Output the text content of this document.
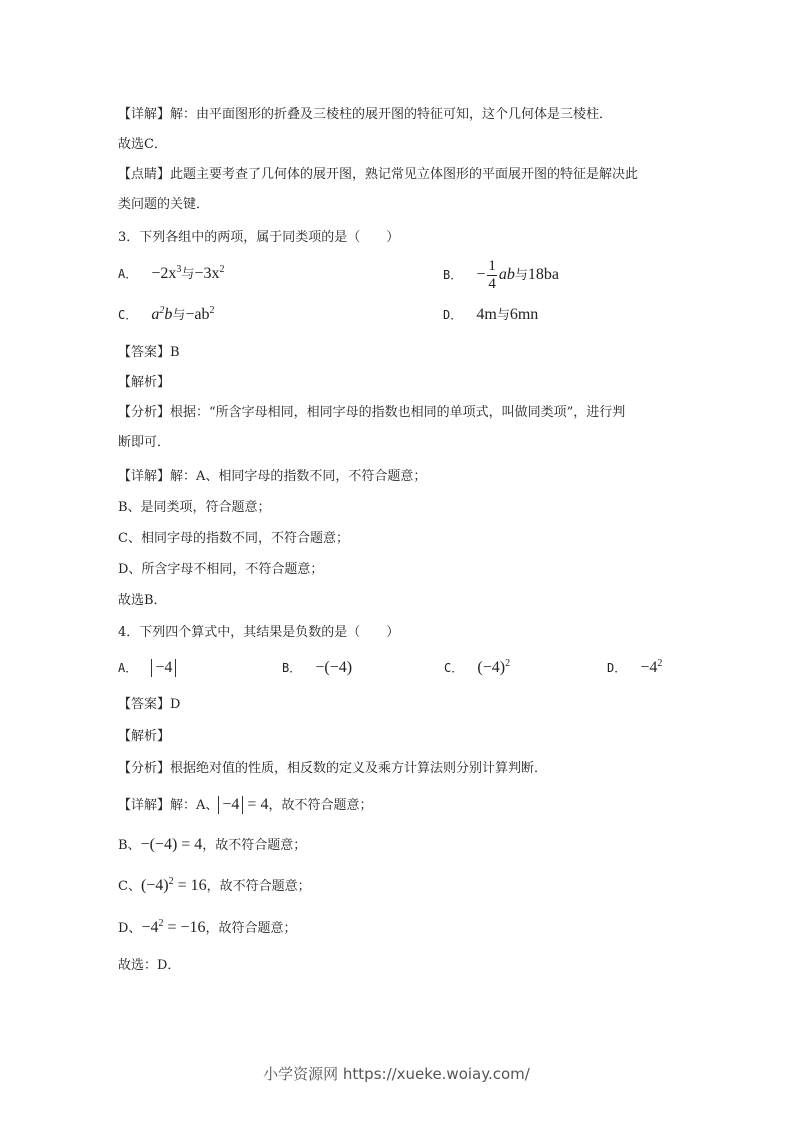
【详解】解：由平面图形的折叠及三棱柱的展开图的特征可知，这个几何体是三棱柱．
故选C．
【点睛】此题主要考查了几何体的展开图，熟记常见立体图形的平面展开图的特征是解决此
类问题的关键．
3．下列各组中的两项，属于同类项的是（　　）
A． $-2x^3$与$-3x^2$	B． − $\frac{1}{4}$ ab与18ba
C． $a^2b$与$-ab^2$	D． 4m与6mn
【答案】B
【解析】
【分析】根据：“所含字母相同，相同字母的指数也相同的单项式，叫做同类项”，进行判
断即可．
【详解】解：A、相同字母的指数不同，不符合题意；
B、是同类项，符合题意；
C、相同字母的指数不同，不符合题意；
D、所含字母不相同，不符合题意；
故选B．
4．下列四个算式中，其结果是负数的是（　　）
A． −4	B． −(−4)	C． $(-4)^2$	D． $-4^2$
【答案】D
【解析】
【分析】根据绝对值的性质，相反数的定义及乘方计算法则分别计算判断．
【详解】解：A、 −4 = 4，故不符合题意；
B、−(−4) = 4，故不符合题意；
C、$(-4)^2 = 16$，故不符合题意；
D、$-4^2 = -16$，故符合题意；
故选：D．
小学资源网 https://xueke.woiay.com/
